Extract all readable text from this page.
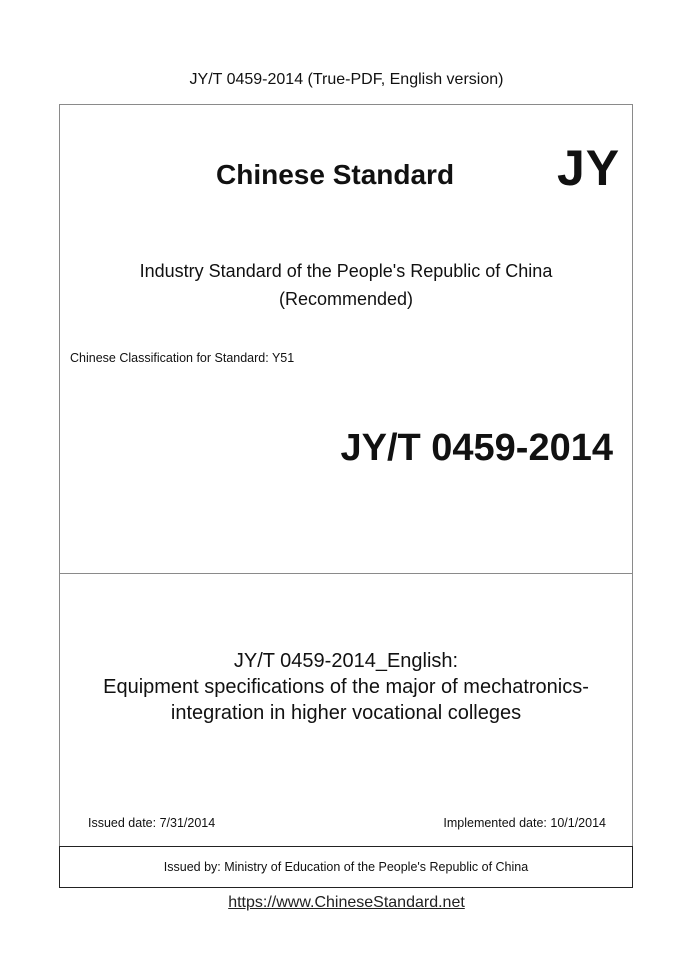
JY/T 0459-2014 (True-PDF, English version)
Chinese Standard JY
Industry Standard of the People's Republic of China
(Recommended)
Chinese Classification for Standard: Y51
JY/T 0459-2014
JY/T 0459-2014_English:
Equipment specifications of the major of mechatronics-
integration in higher vocational colleges
Issued date: 7/31/2014	Implemented date: 10/1/2014
Issued by: Ministry of Education of the People's Republic of China
https://www.ChineseStandard.net
